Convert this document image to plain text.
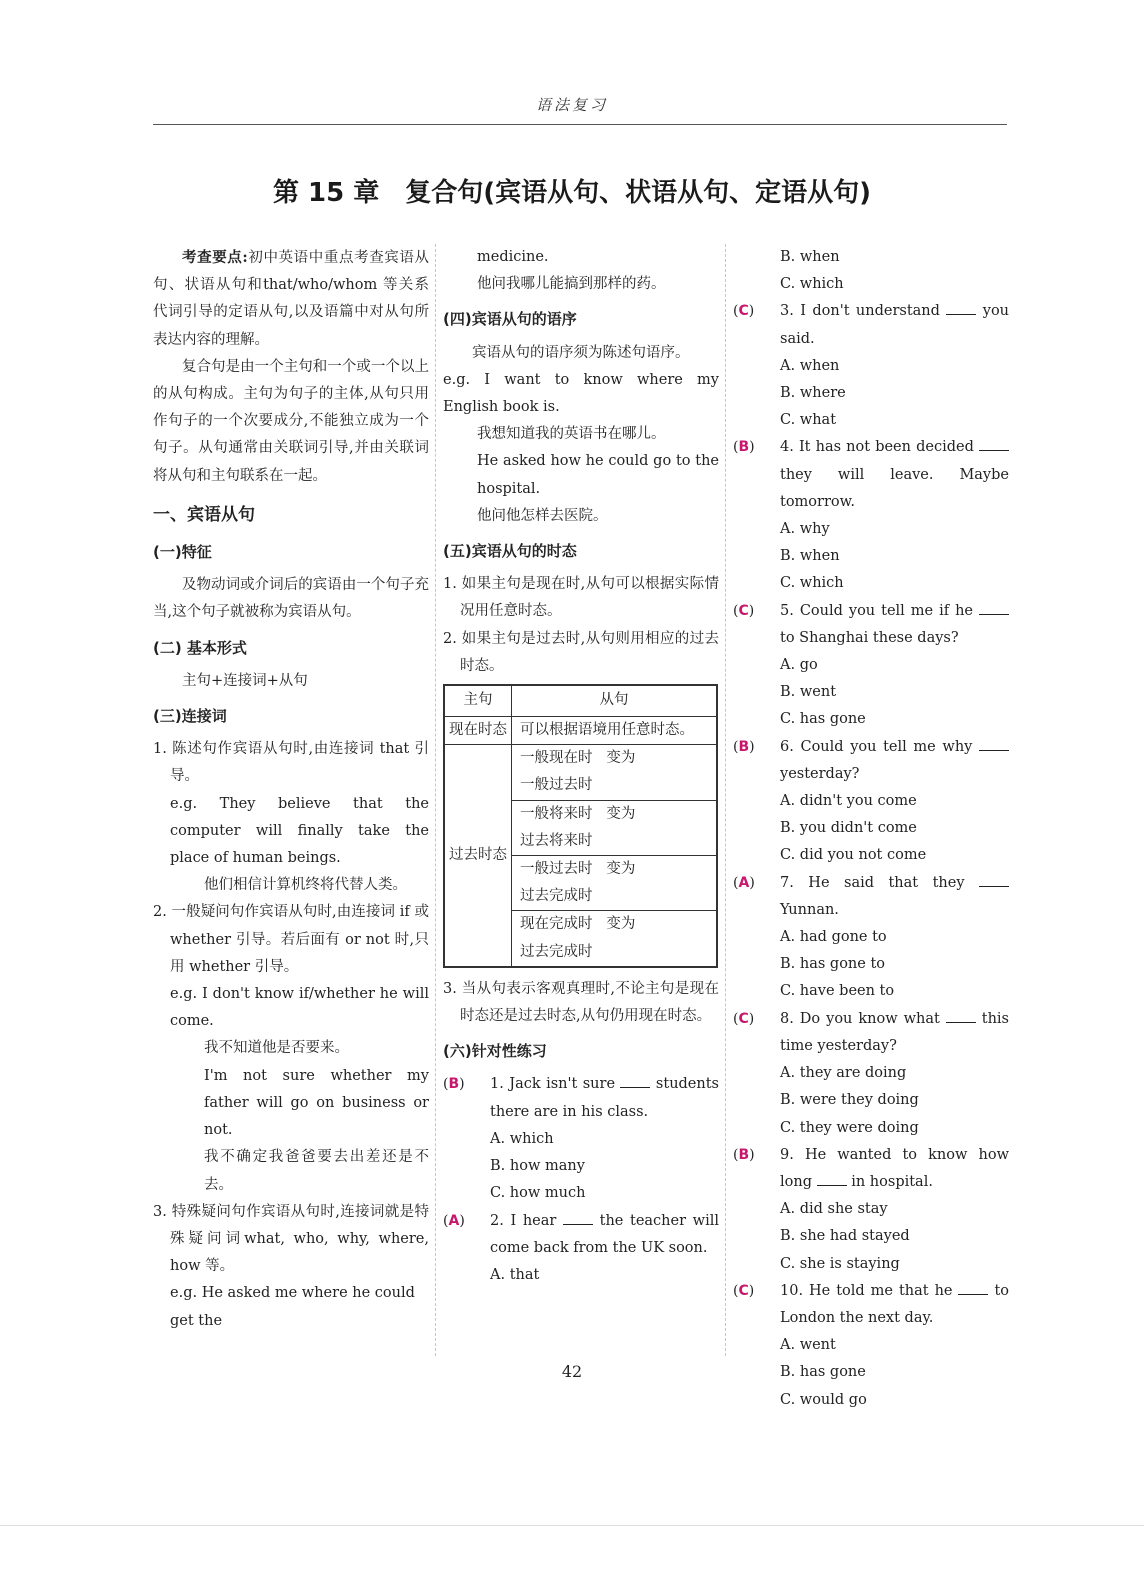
语法复习
第 15 章 复合句(宾语从句、状语从句、定语从句)

考查要点:初中英语中重点考查宾语从句、状语从句和that/who/whom 等关系代词引导的定语从句,以及语篇中对从句所表达内容的理解。

复合句是由一个主句和一个或一个以上的从句构成。主句为句子的主体,从句只用作句子的一个次要成分,不能独立成为一个句子。从句通常由关联词引导,并由关联词将从句和主句联系在一起。

一、宾语从句

(一)特征

及物动词或介词后的宾语由一个句子充当,这个句子就被称为宾语从句。

(二) 基本形式

主句+连接词+从句

(三)连接词

1. 陈述句作宾语从句时,由连接词 that 引导。

e.g. They believe that the computer will finally take the place of human beings.

他们相信计算机终将代替人类。

2. 一般疑问句作宾语从句时,由连接词 if 或 whether 引导。若后面有 or not 时,只用 whether 引导。

e.g. I don't know if/whether he will come.

我不知道他是否要来。

I'm not sure whether my father will go on business or not.

我不确定我爸爸要去出差还是不去。

3. 特殊疑问句作宾语从句时,连接词就是特殊疑问词what, who, why, where, how 等。

e.g. He asked me where he could get the

medicine.

他问我哪儿能搞到那样的药。

(四)宾语从句的语序

宾语从句的语序须为陈述句语序。

e.g. I want to know where my English book is.

我想知道我的英语书在哪儿。

He asked how he could go to the hospital.

他问他怎样去医院。

(五)宾语从句的时态

1. 如果主句是现在时,从句可以根据实际情况用任意时态。

2. 如果主句是过去时,从句则用相应的过去时态。

主句	从句
现在时态	可以根据语境用任意时态。
过去时态	一般现在时 变为
一般过去时
	一般将来时 变为
过去将来时
	一般过去时 变为
过去完成时
	现在完成时 变为
过去完成时

3. 当从句表示客观真理时,不论主句是现在时态还是过去时态,从句仍用现在时态。

(六)针对性练习

(B) 1. Jack isn't sure	students there are in his class.

A. which

B. how many

C. how much

(A) 2. I hear	the teacher will come back from the UK soon.

A. that

B. when

C. which

(C) 3. I don't understand	you said.

A. when

B. where

C. what

(B) 4. It has not been decided  they will leave. Maybe tomorrow.

A. why

B. when

C. which

(C) 5. Could you tell me if he  to Shanghai these days?

A. go

B. went

C. has gone

(B) 6. Could you tell me why  yesterday?

A. didn't you come

B. you didn't come

C. did you not come

(A) 7. He said that they  Yunnan.

A. had gone to

B. has gone to

C. have been to

(C) 8. Do you know what	this time yesterday?

A. they are doing

B. were they doing

C. they were doing

(B) 9. He wanted to know how long	in hospital.

A. did she stay

B. she had stayed

C. she is staying

(C) 10. He told me that he	to London the next day.

A. went

B. has gone

C. would go

42
